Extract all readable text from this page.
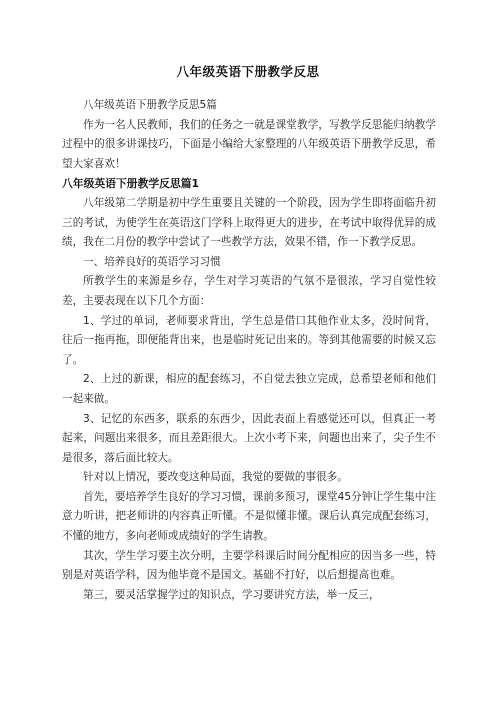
八年级英语下册教学反思

八年级英语下册教学反思5篇

作为一名人民教师，我们的任务之一就是课堂教学，写教学反思能归纳教学过程中的很多讲课技巧，下面是小编给大家整理的八年级英语下册教学反思，希望大家喜欢！

八年级英语下册教学反思篇1

八年级第二学期是初中学生重要且关键的一个阶段，因为学生即将面临升初三的考试，为使学生在英语这门学科上取得更大的进步，在考试中取得优异的成绩，我在二月份的教学中尝试了一些教学方法，效果不错，作一下教学反思。

一、培养良好的英语学习习惯

所教学生的来源是乡存，学生对学习英语的气氛不是很浓，学习自觉性较差，主要表现在以下几个方面：

1、学过的单词，老师要求背出，学生总是借口其他作业太多，没时间背，往后一拖再拖，即便能背出来，也是临时死记出来的。等到其他需要的时候又忘了。

2、上过的新课，相应的配套练习，不自觉去独立完成，总希望老师和他们一起来做。

3、记忆的东西多，联系的东西少，因此表面上看感觉还可以，但真正一考起来，问题出来很多，而且差距很大。上次小考下来，问题也出来了，尖子生不是很多，落后面比较大。

针对以上情况，要改变这种局面，我觉的要做的事很多。

首先，要培养学生良好的学习习惯，课前多预习，课堂45分钟让学生集中注意力听讲，把老师讲的内容真正听懂。不是似懂非懂。课后认真完成配套练习，不懂的地方，多向老师或成绩好的学生请教。

其次，学生学习要主次分明，主要学科课后时间分配相应的因当多一些，特别是对英语学科，因为他毕竟不是国文。基础不打好，以后想提高也难。

第三，要灵活掌握学过的知识点，学习要讲究方法，举一反三，
